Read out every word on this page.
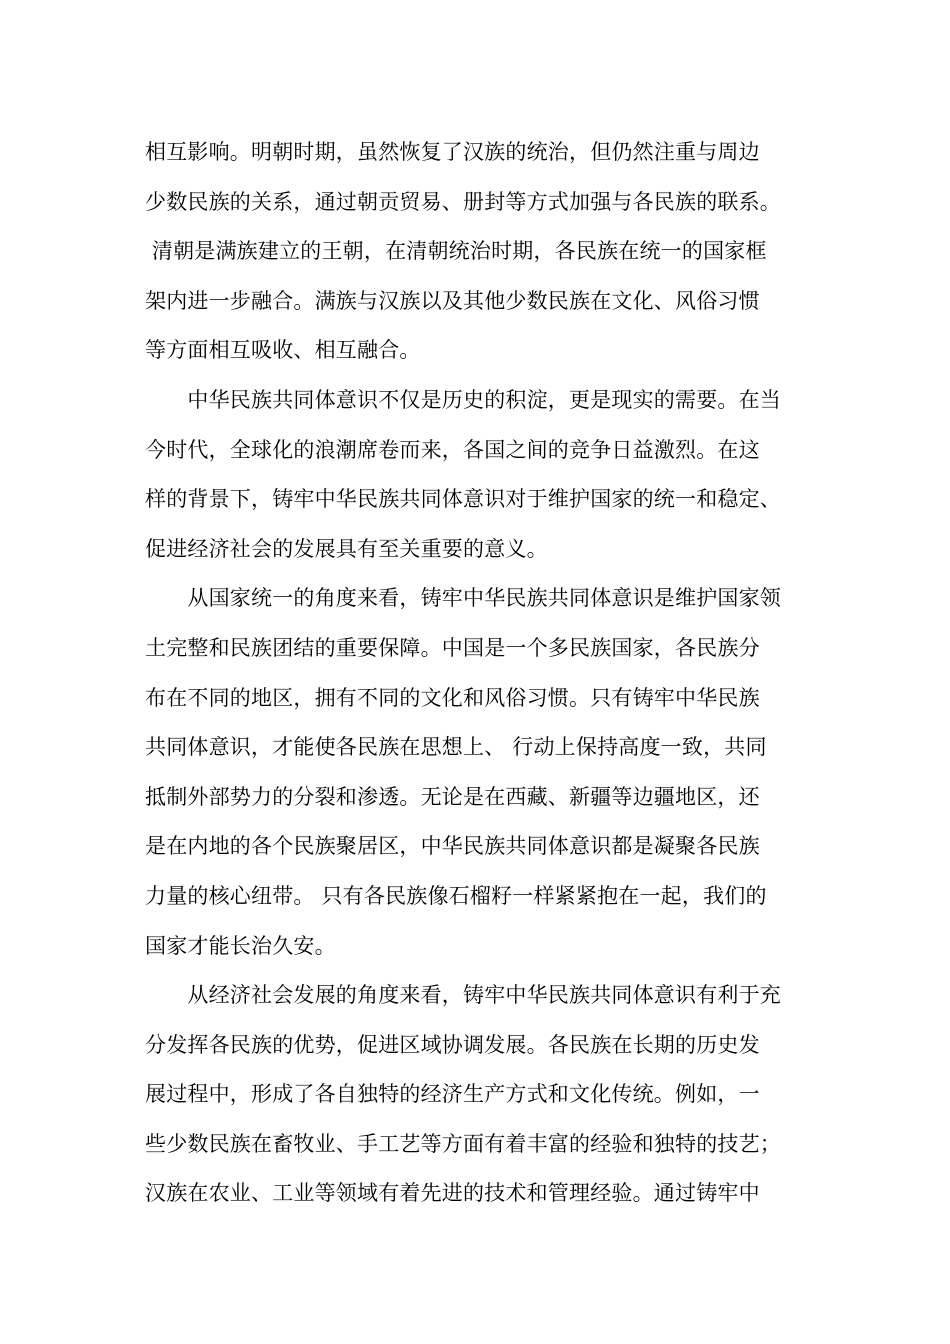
相互影响。明朝时期，虽然恢复了汉族的统治，但仍然注重与周边
少数民族的关系，通过朝贡贸易、册封等方式加强与各民族的联系。
清朝是满族建立的王朝，在清朝统治时期，各民族在统一的国家框
架内进一步融合。满族与汉族以及其他少数民族在文化、风俗习惯
等方面相互吸收、相互融合。
　　中华民族共同体意识不仅是历史的积淀，更是现实的需要。在当
今时代，全球化的浪潮席卷而来，各国之间的竞争日益激烈。在这
样的背景下，铸牢中华民族共同体意识对于维护国家的统一和稳定、
促进经济社会的发展具有至关重要的意义。
　　从国家统一的角度来看，铸牢中华民族共同体意识是维护国家领
土完整和民族团结的重要保障。中国是一个多民族国家，各民族分
布在不同的地区，拥有不同的文化和风俗习惯。只有铸牢中华民族
共同体意识，才能使各民族在思想上、 行动上保持高度一致，共同
抵制外部势力的分裂和渗透。无论是在西藏、新疆等边疆地区，还
是在内地的各个民族聚居区，中华民族共同体意识都是凝聚各民族
力量的核心纽带。 只有各民族像石榴籽一样紧紧抱在一起，我们的
国家才能长治久安。
　　从经济社会发展的角度来看，铸牢中华民族共同体意识有利于充
分发挥各民族的优势，促进区域协调发展。各民族在长期的历史发
展过程中，形成了各自独特的经济生产方式和文化传统。例如，一
些少数民族在畜牧业、手工艺等方面有着丰富的经验和独特的技艺；
汉族在农业、工业等领域有着先进的技术和管理经验。通过铸牢中
